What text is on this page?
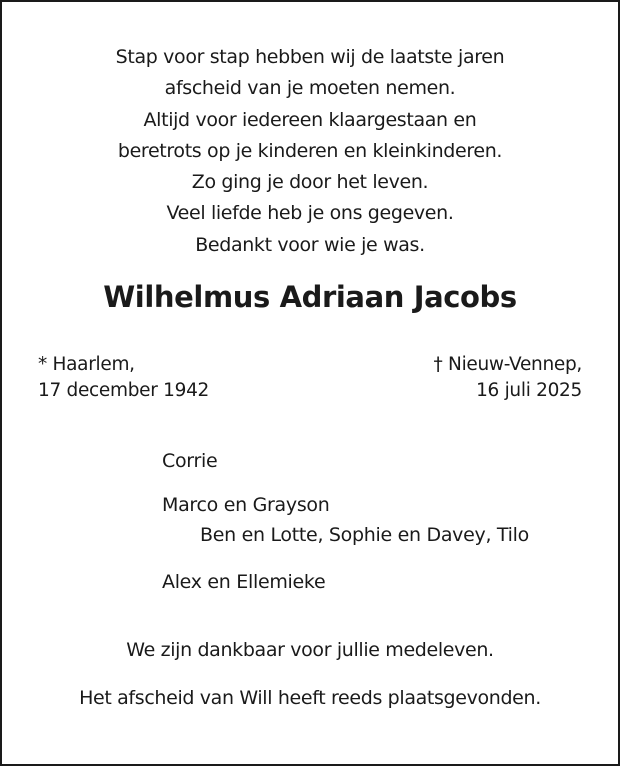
Stap voor stap hebben wij de laatste jaren
afscheid van je moeten nemen.
Altijd voor iedereen klaargestaan en
beretrots op je kinderen en kleinkinderen.
Zo ging je door het leven.
Veel liefde heb je ons gegeven.
Bedankt voor wie je was.
Wilhelmus Adriaan Jacobs
* Haarlem,
17 december 1942
† Nieuw-Vennep,
16 juli 2025
Corrie
Marco en Grayson
Ben en Lotte, Sophie en Davey, Tilo
Alex en Ellemieke
We zijn dankbaar voor jullie medeleven.
Het afscheid van Will heeft reeds plaatsgevonden.
